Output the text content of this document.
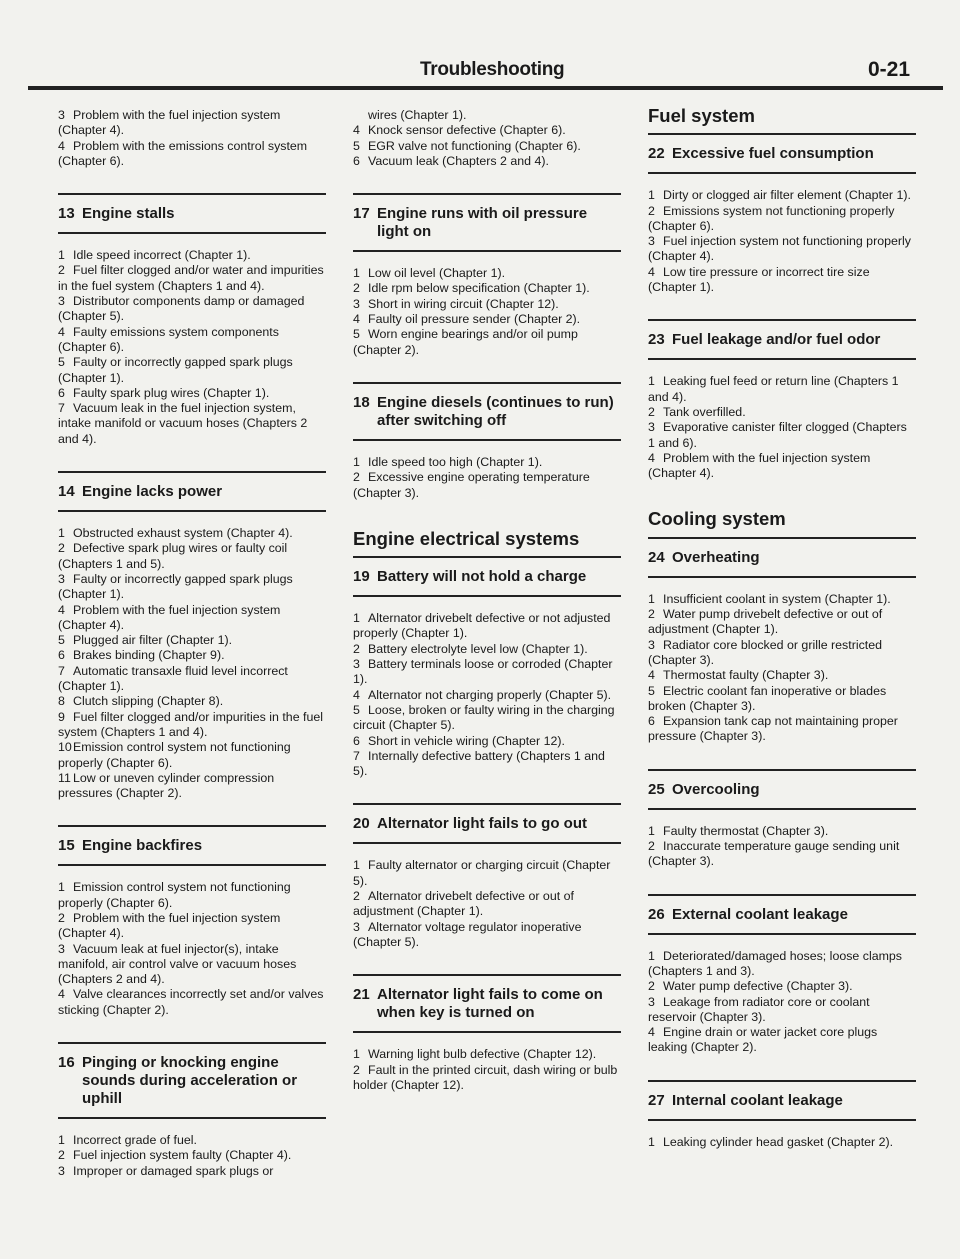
Troubleshooting	0-21

3 Problem with the fuel injection system (Chapter 4).

4 Problem with the emissions control system (Chapter 6).

13 Engine stalls

1 Idle speed incorrect (Chapter 1).

2 Fuel filter clogged and/or water and impurities in the fuel system (Chapters 1 and 4).

3 Distributor components damp or damaged (Chapter 5).

4 Faulty emissions system components (Chapter 6).

5 Faulty or incorrectly gapped spark plugs (Chapter 1).

6 Faulty spark plug wires (Chapter 1).

7 Vacuum leak in the fuel injection system, intake manifold or vacuum hoses (Chapters 2 and 4).

14 Engine lacks power

1 Obstructed exhaust system (Chapter 4).

2 Defective spark plug wires or faulty coil (Chapters 1 and 5).

3 Faulty or incorrectly gapped spark plugs (Chapter 1).

4 Problem with the fuel injection system (Chapter 4).

5 Plugged air filter (Chapter 1).

6 Brakes binding (Chapter 9).

7 Automatic transaxle fluid level incorrect (Chapter 1).

8 Clutch slipping (Chapter 8).

9 Fuel filter clogged and/or impurities in the fuel system (Chapters 1 and 4).

10Emission control system not functioning properly (Chapter 6).

11 Low or uneven cylinder compression pressures (Chapter 2).

15 Engine backfires

1 Emission control system not functioning properly (Chapter 6).

2 Problem with the fuel injection system (Chapter 4).

3 Vacuum leak at fuel injector(s), intake manifold, air control valve or vacuum hoses (Chapters 2 and 4).

4 Valve clearances incorrectly set and/or valves sticking (Chapter 2).

16 Pinging or knocking engine sounds during acceleration or uphill

1 Incorrect grade of fuel.

2 Fuel injection system faulty (Chapter 4).

3 Improper or damaged spark plugs or

wires (Chapter 1).

4 Knock sensor defective (Chapter 6).

5 EGR valve not functioning (Chapter 6).

6 Vacuum leak (Chapters 2 and 4).

17 Engine runs with oil pressure light on

1 Low oil level (Chapter 1).

2 Idle rpm below specification (Chapter 1).

3 Short in wiring circuit (Chapter 12).

4 Faulty oil pressure sender (Chapter 2).

5 Worn engine bearings and/or oil pump (Chapter 2).

18 Engine diesels (continues to run) after switching off

1 Idle speed too high (Chapter 1).

2 Excessive engine operating temperature (Chapter 3).

Engine electrical systems
19 Battery will not hold a charge

1 Alternator drivebelt defective or not adjusted properly (Chapter 1).

2 Battery electrolyte level low (Chapter 1).

3 Battery terminals loose or corroded (Chapter 1).

4 Alternator not charging properly (Chapter 5).

5 Loose, broken or faulty wiring in the charging circuit (Chapter 5).

6 Short in vehicle wiring (Chapter 12).

7 Internally defective battery (Chapters 1 and 5).

20 Alternator light fails to go out

1 Faulty alternator or charging circuit (Chapter 5).

2 Alternator drivebelt defective or out of adjustment (Chapter 1).

3 Alternator voltage regulator inoperative (Chapter 5).

21 Alternator light fails to come on when key is turned on

1 Warning light bulb defective (Chapter 12).

2 Fault in the printed circuit, dash wiring or bulb holder (Chapter 12).

Fuel system
22 Excessive fuel consumption

1 Dirty or clogged air filter element (Chapter 1).

2 Emissions system not functioning properly (Chapter 6).

3 Fuel injection system not functioning properly (Chapter 4).

4 Low tire pressure or incorrect tire size (Chapter 1).

23 Fuel leakage and/or fuel odor

1 Leaking fuel feed or return line (Chapters 1 and 4).

2 Tank overfilled.

3 Evaporative canister filter clogged (Chapters 1 and 6).

4 Problem with the fuel injection system (Chapter 4).

Cooling system
24 Overheating

1 Insufficient coolant in system (Chapter 1).

2 Water pump drivebelt defective or out of adjustment (Chapter 1).

3 Radiator core blocked or grille restricted (Chapter 3).

4 Thermostat faulty (Chapter 3).

5 Electric coolant fan inoperative or blades broken (Chapter 3).

6 Expansion tank cap not maintaining proper pressure (Chapter 3).

25 Overcooling

1 Faulty thermostat (Chapter 3).

2 Inaccurate temperature gauge sending unit (Chapter 3).

26 External coolant leakage

1 Deteriorated/damaged hoses; loose clamps (Chapters 1 and 3).

2 Water pump defective (Chapter 3).

3 Leakage from radiator core or coolant reservoir (Chapter 3).

4 Engine drain or water jacket core plugs leaking (Chapter 2).

27 Internal coolant leakage

1 Leaking cylinder head gasket (Chapter 2).
